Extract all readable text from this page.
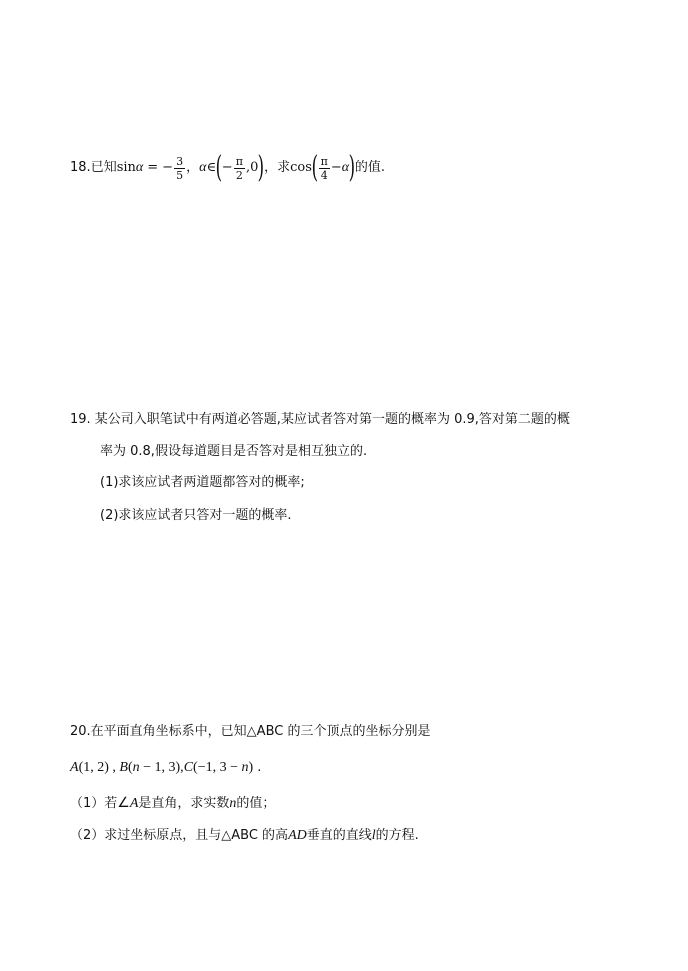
18. 已知 sin α = − $\frac{3}{5}$ ， α ∈ ( − $\frac{\pi}{2} ,0$ ) ， 求 cos ( $\frac{\pi}{4} - \alpha$ ) 的值.
19. 某公司入职笔试中有两道必答题,某应试者答对第一题的概率为 0.9,答对第二题的概
率为 0.8,假设每道题目是否答对是相互独立的.
(1)求该应试者两道题都答对的概率;
(2)求该应试者只答对一题的概率.
20.在平面直角坐标系中，已知△ABC 的三个顶点的坐标分别是
A(1, 2) , B(n − 1, 3),C(−1, 3 − n) .
（1）若∠A是直角，求实数n的值；
（2）求过坐标原点，且与△ABC 的高AD垂直的直线l的方程.
